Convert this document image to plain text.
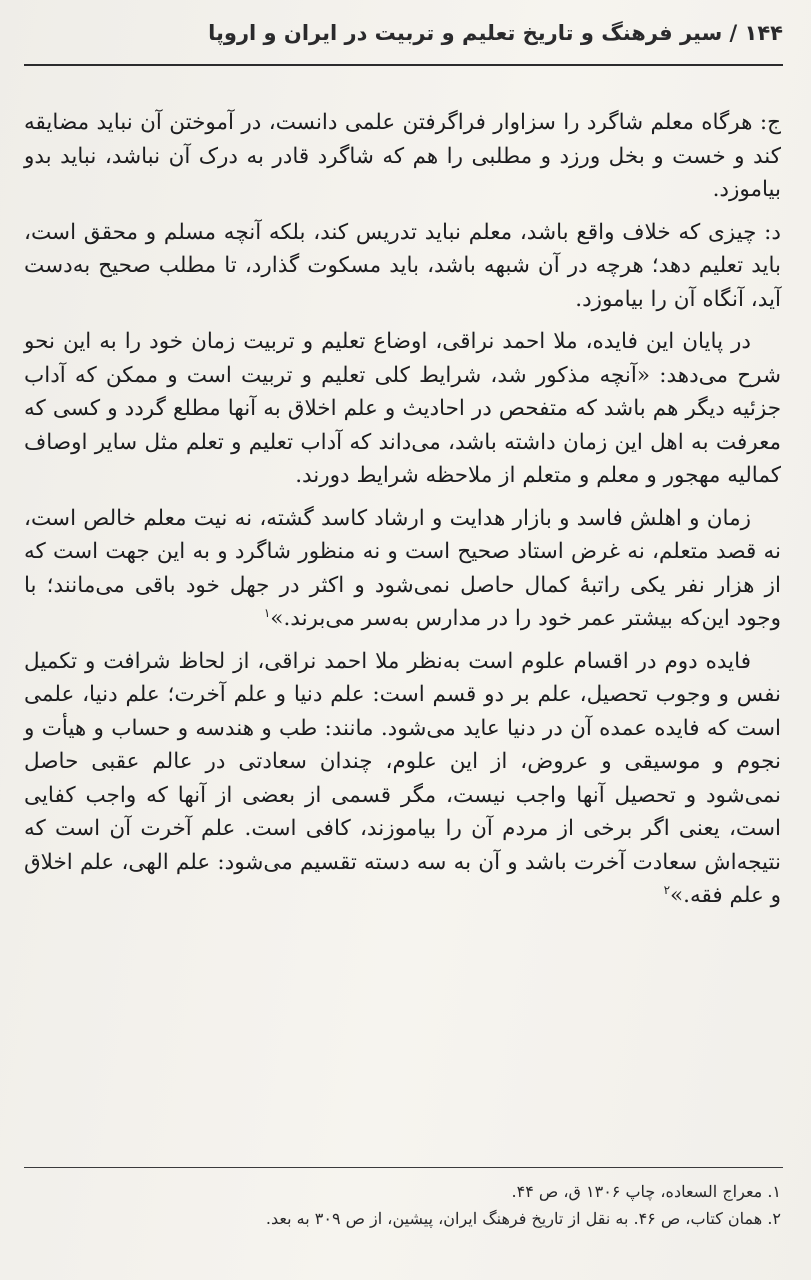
۱۴۴ / سیر فرهنگ و تاریخ تعلیم و تربیت در ایران و اروپا

ج: هرگاه معلم شاگرد را سزاوار فراگرفتن علمی دانست، در آموختن آن نباید مضایقه کند و خست و بخل ورزد و مطلبی را هم که شاگرد قادر به درک آن نباشد، نباید بدو بیاموزد.

د: چیزی که خلاف واقع باشد، معلم نباید تدریس کند، بلکه آنچه مسلم و محقق است، باید تعلیم دهد؛ هرچه در آن شبهه باشد، باید مسکوت گذارد، تا مطلب صحیح به‌دست آید، آنگاه آن را بیاموزد.

در پایان این فایده، ملا احمد نراقی، اوضاع تعلیم و تربیت زمان خود را به این نحو شرح می‌دهد: «آنچه مذکور شد، شرایط کلی تعلیم و تربیت است و ممکن که آداب جزئیه دیگر هم باشد که متفحص در احادیث و علم اخلاق به آنها مطلع گردد و کسی که معرفت به اهل این زمان داشته باشد، می‌داند که آداب تعلیم و تعلم مثل سایر اوصاف کمالیه مهجور و معلم و متعلم از ملاحظه شرایط دورند.

زمان و اهلش فاسد و بازار هدایت و ارشاد کاسد گشته، نه نیت معلم خالص است، نه قصد متعلم، نه غرض استاد صحیح است و نه منظور شاگرد و به این جهت است که از هزار نفر یکی راتبهٔ کمال حاصل نمی‌شود و اکثر در جهل خود باقی می‌مانند؛ با وجود این‌که بیشتر عمر خود را در مدارس به‌سر می‌برند.»$^۱$

فایده دوم در اقسام علوم است به‌نظر ملا احمد نراقی، از لحاظ شرافت و تکمیل نفس و وجوب تحصیل، علم بر دو قسم است: علم دنیا و علم آخرت؛ علم دنیا، علمی است که فایده عمده آن در دنیا عاید می‌شود. مانند: طب و هندسه و حساب و هیأت و نجوم و موسیقی و عروض، از این علوم، چندان سعادتی در عالم عقبی حاصل نمی‌شود و تحصیل آنها واجب نیست، مگر قسمی از بعضی از آنها که واجب کفایی است، یعنی اگر برخی از مردم آن را بیاموزند، کافی است. علم آخرت آن است که نتیجه‌اش سعادت آخرت باشد و آن به سه دسته تقسیم می‌شود: علم الهی، علم اخلاق و علم فقه.»$^۲$

۱. معراج السعاده، چاپ ۱۳۰۶ ق، ص ۴۴.

۲. همان کتاب، ص ۴۶. به نقل از تاریخ فرهنگ ایران، پیشین، از ص ۳۰۹ به بعد.
